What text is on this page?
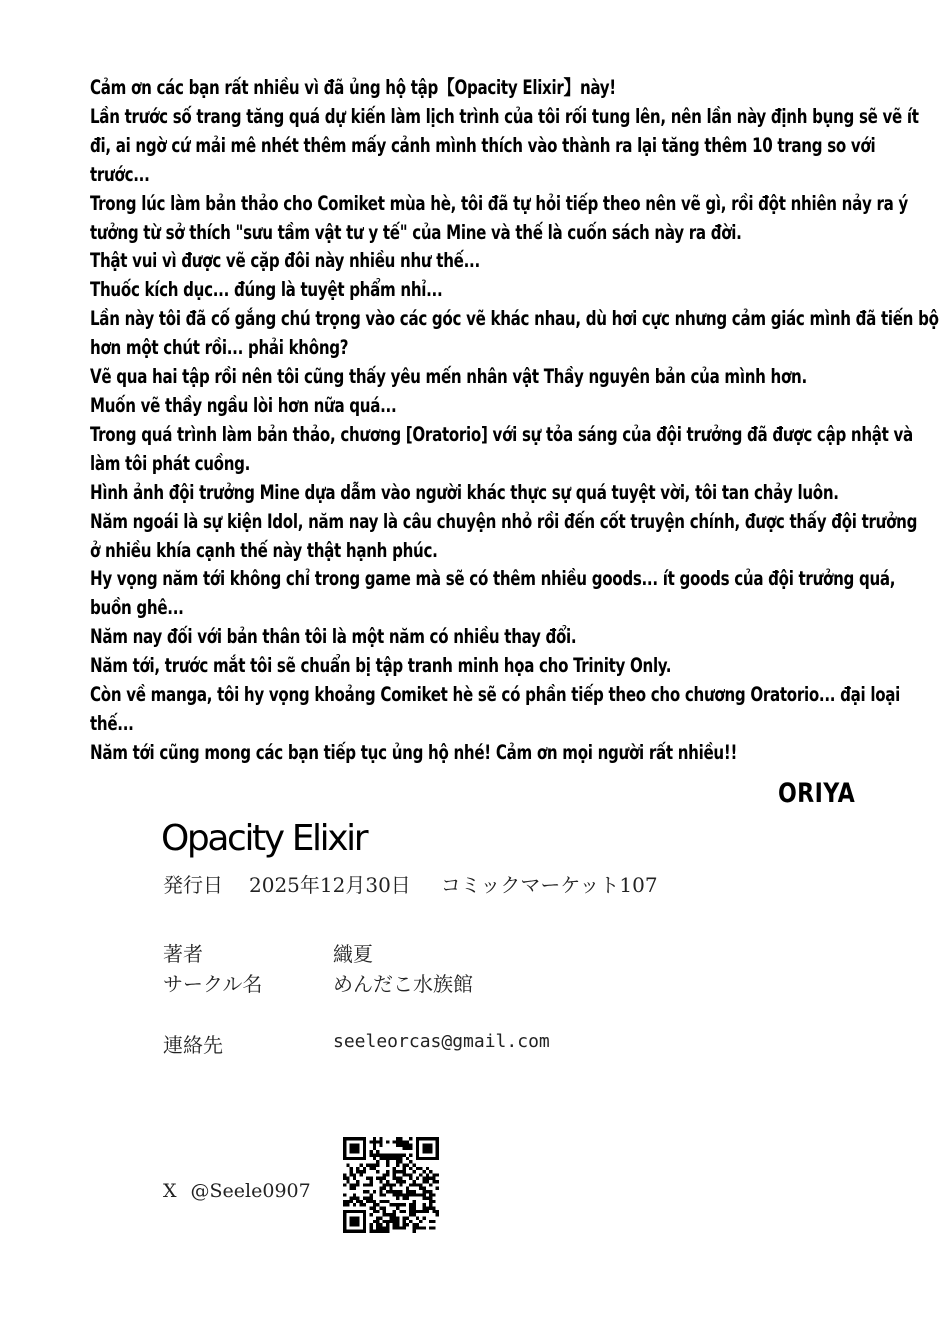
Cảm ơn các bạn rất nhiều vì đã ủng hộ tập【Opacity Elixir】này!
Lần trước số trang tăng quá dự kiến làm lịch trình của tôi rối tung lên, nên lần này định bụng sẽ vẽ ít
đi, ai ngờ cứ mải mê nhét thêm mấy cảnh mình thích vào thành ra lại tăng thêm 10 trang so với
trước...
Trong lúc làm bản thảo cho Comiket mùa hè, tôi đã tự hỏi tiếp theo nên vẽ gì, rồi đột nhiên nảy ra ý
tưởng từ sở thích "sưu tầm vật tư y tế" của Mine và thế là cuốn sách này ra đời.
Thật vui vì được vẽ cặp đôi này nhiều như thế...
Thuốc kích dục... đúng là tuyệt phẩm nhỉ...
Lần này tôi đã cố gắng chú trọng vào các góc vẽ khác nhau, dù hơi cực nhưng cảm giác mình đã tiến bộ
hơn một chút rồi... phải không?
Vẽ qua hai tập rồi nên tôi cũng thấy yêu mến nhân vật Thầy nguyên bản của mình hơn.
Muốn vẽ thầy ngầu lòi hơn nữa quá...
Trong quá trình làm bản thảo, chương [Oratorio] với sự tỏa sáng của đội trưởng đã được cập nhật và
làm tôi phát cuồng.
Hình ảnh đội trưởng Mine dựa dẫm vào người khác thực sự quá tuyệt vời, tôi tan chảy luôn.
Năm ngoái là sự kiện Idol, năm nay là câu chuyện nhỏ rồi đến cốt truyện chính, được thấy đội trưởng
ở nhiều khía cạnh thế này thật hạnh phúc.
Hy vọng năm tới không chỉ trong game mà sẽ có thêm nhiều goods... ít goods của đội trưởng quá,
buồn ghê...
Năm nay đối với bản thân tôi là một năm có nhiều thay đổi.
Năm tới, trước mắt tôi sẽ chuẩn bị tập tranh minh họa cho Trinity Only.
Còn về manga, tôi hy vọng khoảng Comiket hè sẽ có phần tiếp theo cho chương Oratorio... đại loại
thế...
Năm tới cũng mong các bạn tiếp tục ủng hộ nhé! Cảm ơn mọi người rất nhiều!!
ORIYA
Opacity Elixir
発行日 2025年12月30日 コミックマーケット107
著者	織夏
サークル名	めんだこ水族館
連絡先	seeleorcas@gmail.com
X @Seele0907
